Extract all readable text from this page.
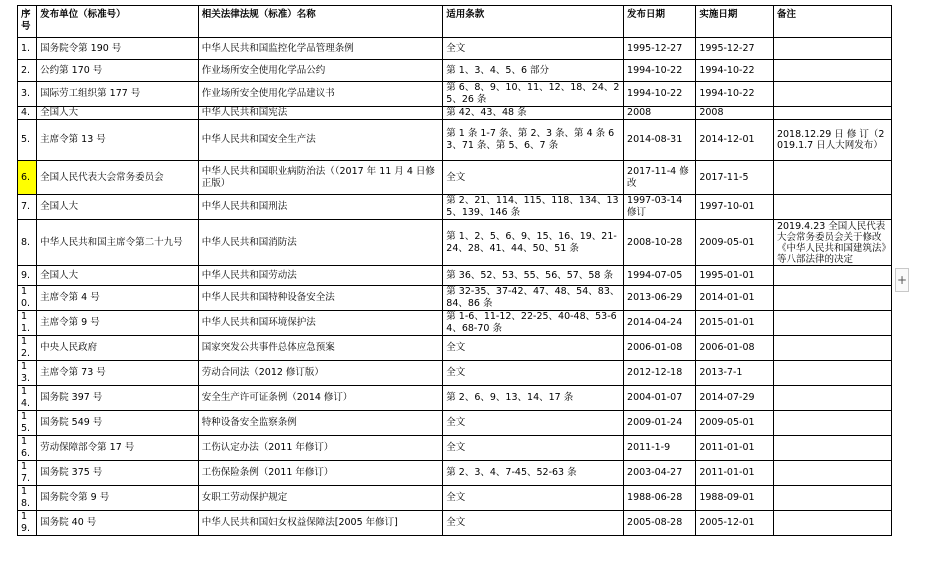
序号	发布单位（标准号）	相关法律法规（标准）名称	适用条款	发布日期	实施日期	备注
1.	国务院令第 190 号	中华人民共和国监控化学品管理条例	全文	1995-12-27	1995-12-27	
2.	公约第 170 号	作业场所安全使用化学品公约	第 1、3、4、5、6 部分	1994-10-22	1994-10-22	
3.	国际劳工组织第 177 号	作业场所安全使用化学品建议书	第 6、8、9、10、11、12、18、24、25、26 条	1994-10-22	1994-10-22	
4.	全国人大	中华人民共和国宪法	第 42、43、48 条	2008	2008	
5.	主席令第 13 号	中华人民共和国安全生产法	第 1 条 1-7 条、第 2、3 条、第 4 条 63、71 条、第 5、6、7 条	2014-08-31	2014-12-01	2018.12.29 日 修 订（2019.1.7 日人大网发布）
6.	全国人民代表大会常务委员会	中华人民共和国职业病防治法（（2017 年 11 月 4 日修正版）	全文	2017-11-4 修改	2017-11-5	
7.	全国人大	中华人民共和国刑法	第 2、21、114、115、118、134、135、139、146 条	1997-03-14 修订	1997-10-01	
8.	中华人民共和国主席令第二十九号	中华人民共和国消防法	第 1、2、5、6、9、15、16、19、21-24、28、41、44、50、51 条	2008-10-28	2009-05-01	2019.4.23 全国人民代表大会常务委员会关于修改《中华人民共和国建筑法》等八部法律的决定
9.	全国人大	中华人民共和国劳动法	第 36、52、53、55、56、57、58 条	1994-07-05	1995-01-01	
10.	主席令第 4 号	中华人民共和国特种设备安全法	第 32-35、37-42、47、48、54、83、84、86 条	2013-06-29	2014-01-01	
11.	主席令第 9 号	中华人民共和国环境保护法	第 1-6、11-12、22-25、40-48、53-64、68-70 条	2014-04-24	2015-01-01	
12.	中央人民政府	国家突发公共事件总体应急预案	全文	2006-01-08	2006-01-08	
13.	主席令第 73 号	劳动合同法（2012 修订版）	全文	2012-12-18	2013-7-1	
14.	国务院 397 号	安全生产许可证条例（2014 修订）	第 2、6、9、13、14、17 条	2004-01-07	2014-07-29	
15.	国务院 549 号	特种设备安全监察条例	全文	2009-01-24	2009-05-01	
16.	劳动保障部令第 17 号	工伤认定办法（2011 年修订）	全文	2011-1-9	2011-01-01	
17.	国务院 375 号	工伤保险条例（2011 年修订）	第 2、3、4、7-45、52-63 条	2003-04-27	2011-01-01	
18.	国务院令第 9 号	女职工劳动保护规定	全文	1988-06-28	1988-09-01	
19.	国务院 40 号	中华人民共和国妇女权益保障法[2005 年修订]	全文	2005-08-28	2005-12-01	
+
